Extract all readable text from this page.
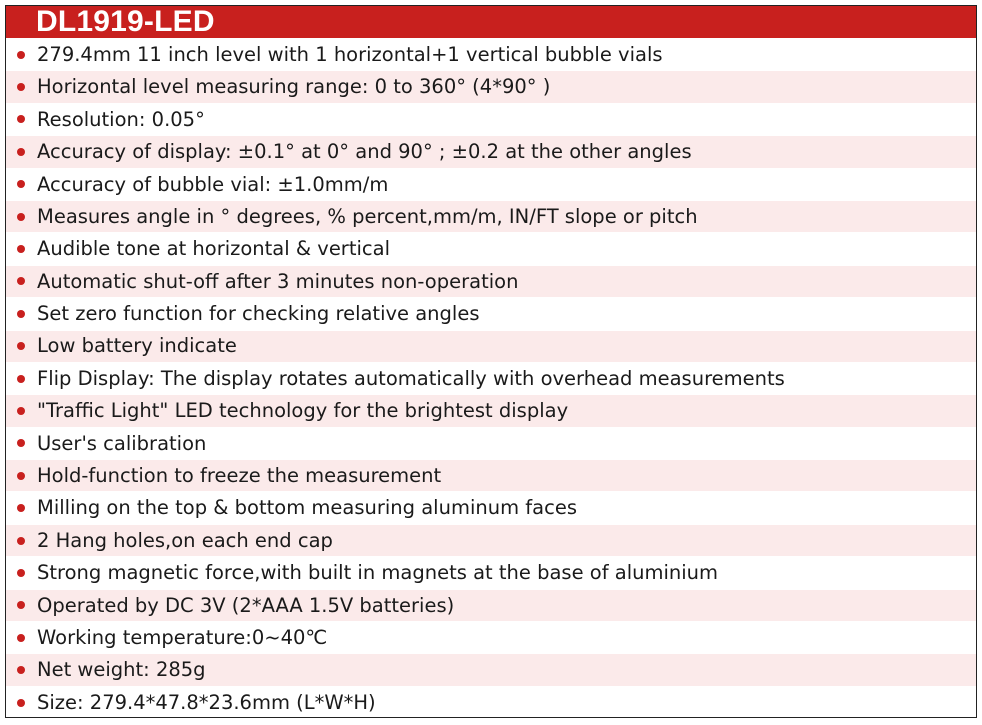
DL1919-LED
279.4mm 11 inch level with 1 horizontal+1 vertical bubble vials
Horizontal level measuring range: 0 to 360° (4*90° )
Resolution: 0.05°
Accuracy of display: ±0.1° at 0° and 90° ; ±0.2 at the other angles
Accuracy of bubble vial: ±1.0mm/m
Measures angle in ° degrees, % percent,mm/m, IN/FT slope or pitch
Audible tone at horizontal & vertical
Automatic shut-off after 3 minutes non-operation
Set zero function for checking relative angles
Low battery indicate
Flip Display: The display rotates automatically with overhead measurements
"Traffic Light" LED technology for the brightest display
User's calibration
Hold-function to freeze the measurement
Milling on the top & bottom measuring aluminum faces
2 Hang holes,on each end cap
Strong magnetic force,with built in magnets at the base of aluminium
Operated by DC 3V (2*AAA 1.5V batteries)
Working temperature:0~40℃
Net weight: 285g
Size: 279.4*47.8*23.6mm (L*W*H)
